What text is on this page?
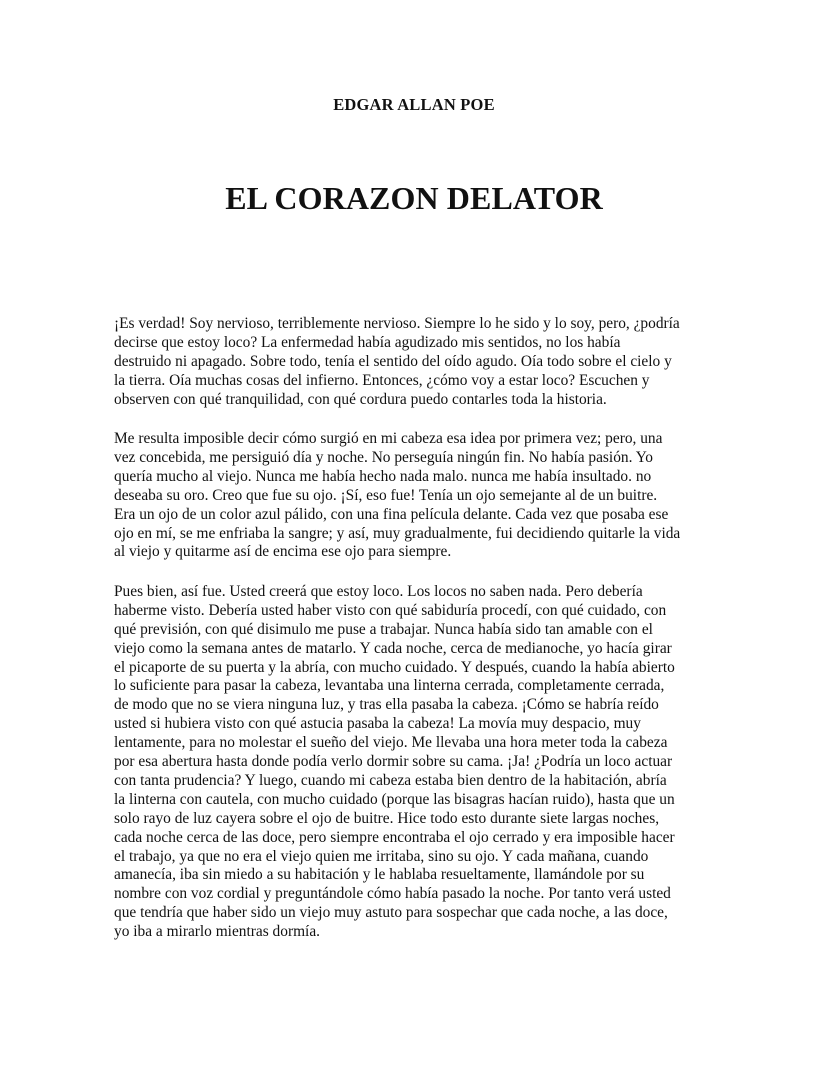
EDGAR ALLAN POE
EL CORAZON DELATOR

¡Es verdad! Soy nervioso, terriblemente nervioso. Siempre lo he sido y lo soy, pero, ¿podría
decirse que estoy loco? La enfermedad había agudizado mis sentidos, no los había
destruido ni apagado. Sobre todo, tenía el sentido del oído agudo. Oía todo sobre el cielo y
la tierra. Oía muchas cosas del infierno. Entonces, ¿cómo voy a estar loco? Escuchen y
observen con qué tranquilidad, con qué cordura puedo contarles toda la historia.

Me resulta imposible decir cómo surgió en mi cabeza esa idea por primera vez; pero, una
vez concebida, me persiguió día y noche. No perseguía ningún fin. No había pasión. Yo
quería mucho al viejo. Nunca me había hecho nada malo. nunca me había insultado. no
deseaba su oro. Creo que fue su ojo. ¡Sí, eso fue! Tenía un ojo semejante al de un buitre.
Era un ojo de un color azul pálido, con una fina película delante. Cada vez que posaba ese
ojo en mí, se me enfriaba la sangre; y así, muy gradualmente, fui decidiendo quitarle la vida
al viejo y quitarme así de encima ese ojo para siempre.

Pues bien, así fue. Usted creerá que estoy loco. Los locos no saben nada. Pero debería
haberme visto. Debería usted haber visto con qué sabiduría procedí, con qué cuidado, con
qué previsión, con qué disimulo me puse a trabajar. Nunca había sido tan amable con el
viejo como la semana antes de matarlo. Y cada noche, cerca de medianoche, yo hacía girar
el picaporte de su puerta y la abría, con mucho cuidado. Y después, cuando la había abierto
lo suficiente para pasar la cabeza, levantaba una linterna cerrada, completamente cerrada,
de modo que no se viera ninguna luz, y tras ella pasaba la cabeza. ¡Cómo se habría reído
usted si hubiera visto con qué astucia pasaba la cabeza! La movía muy despacio, muy
lentamente, para no molestar el sueño del viejo. Me llevaba una hora meter toda la cabeza
por esa abertura hasta donde podía verlo dormir sobre su cama. ¡Ja! ¿Podría un loco actuar
con tanta prudencia? Y luego, cuando mi cabeza estaba bien dentro de la habitación, abría
la linterna con cautela, con mucho cuidado (porque las bisagras hacían ruido), hasta que un
solo rayo de luz cayera sobre el ojo de buitre. Hice todo esto durante siete largas noches,
cada noche cerca de las doce, pero siempre encontraba el ojo cerrado y era imposible hacer
el trabajo, ya que no era el viejo quien me irritaba, sino su ojo. Y cada mañana, cuando
amanecía, iba sin miedo a su habitación y le hablaba resueltamente, llamándole por su
nombre con voz cordial y preguntándole cómo había pasado la noche. Por tanto verá usted
que tendría que haber sido un viejo muy astuto para sospechar que cada noche, a las doce,
yo iba a mirarlo mientras dormía.
